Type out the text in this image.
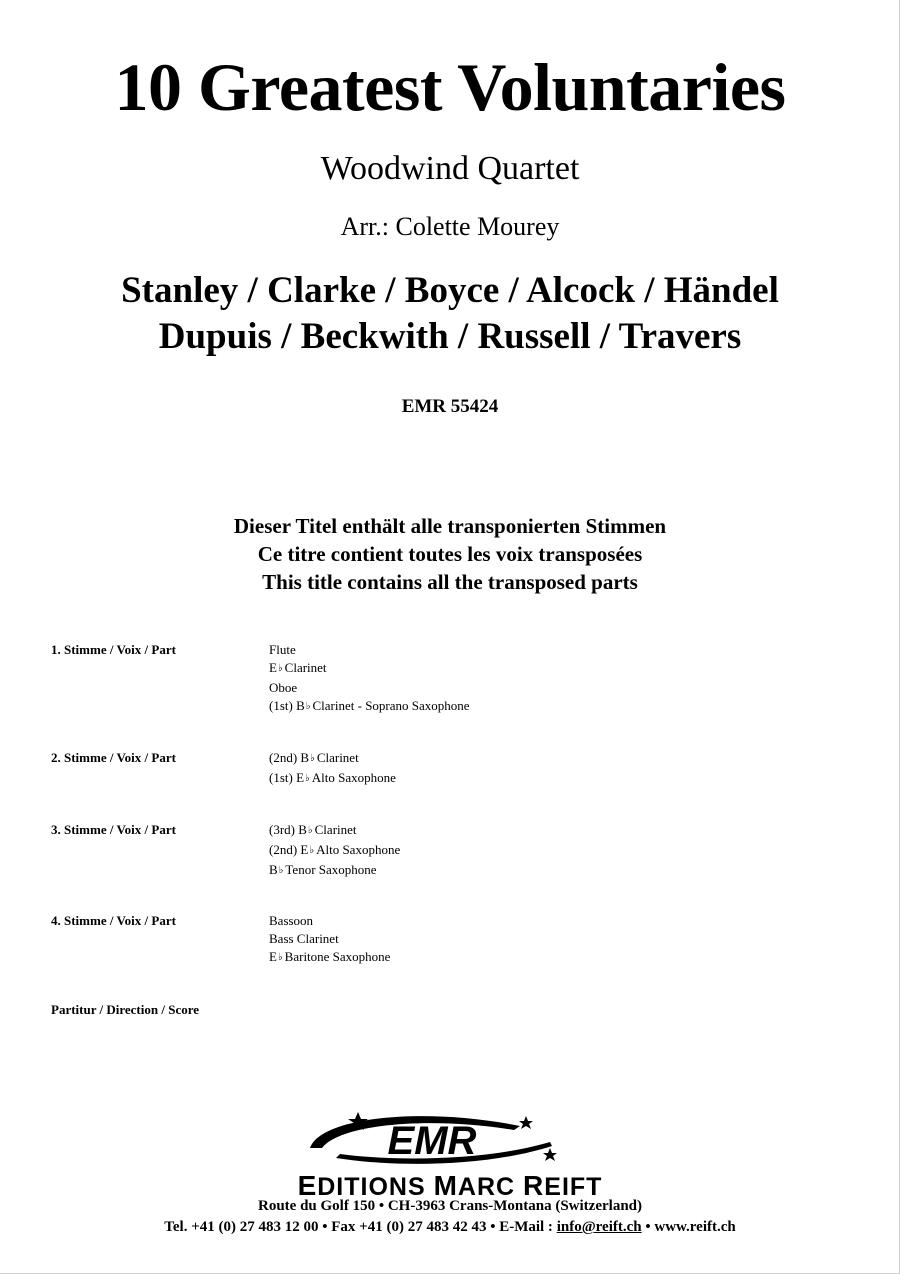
10 Greatest Voluntaries
Woodwind Quartet
Arr.: Colette Mourey
Stanley / Clarke / Boyce / Alcock / Händel
Dupuis / Beckwith / Russell / Travers
EMR 55424
Dieser Titel enthält alle transponierten Stimmen
Ce titre contient toutes les voix transposées
This title contains all the transposed parts
1. Stimme / Voix / Part	Flute
E♭ Clarinet
Oboe
(1st) B♭ Clarinet - Soprano Saxophone
2. Stimme / Voix / Part	(2nd) B♭ Clarinet
(1st) E♭ Alto Saxophone
3. Stimme / Voix / Part	(3rd) B♭ Clarinet
(2nd) E♭ Alto Saxophone
B♭ Tenor Saxophone
4. Stimme / Voix / Part	Bassoon
Bass Clarinet
E♭ Baritone Saxophone
Partitur / Direction / Score
EMR
EDITIONS MARC REIFT
Route du Golf 150 • CH-3963 Crans-Montana (Switzerland)
Tel. +41 (0) 27 483 12 00 • Fax +41 (0) 27 483 42 43 • E-Mail : info@reift.ch • www.reift.ch
